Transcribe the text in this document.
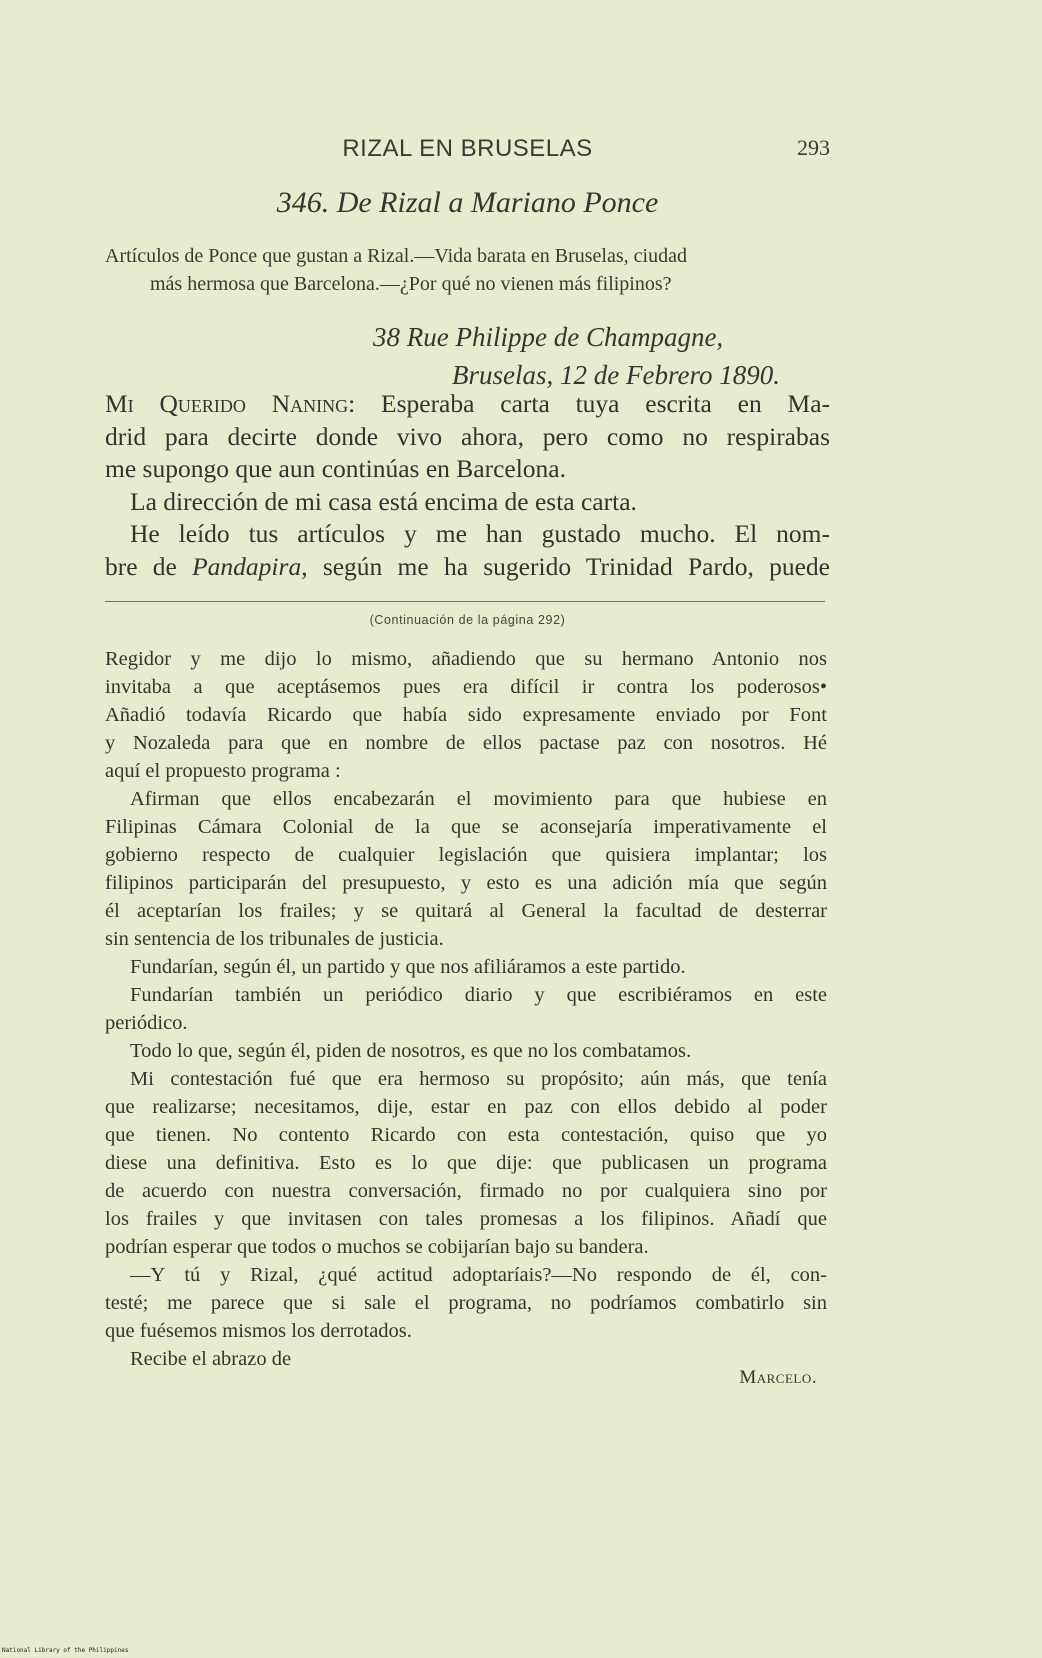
RIZAL EN BRUSELAS	293
346. De Rizal a Mariano Ponce
Artículos de Ponce que gustan a Rizal.—Vida barata en Bruselas, ciudad
más hermosa que Barcelona.—¿Por qué no vienen más filipinos?
38 Rue Philippe de Champagne,
Bruselas, 12 de Febrero 1890.
Mi Querido Naning: Esperaba carta tuya escrita en Ma-
drid para decirte donde vivo ahora, pero como no respirabas
me supongo que aun continúas en Barcelona.
La dirección de mi casa está encima de esta carta.
He leído tus artículos y me han gustado mucho. El nom-
bre de Pandapira, según me ha sugerido Trinidad Pardo, puede
(Continuación de la página 292)
Regidor y me dijo lo mismo, añadiendo que su hermano Antonio nos
invitaba a que aceptásemos pues era difícil ir contra los poderosos•
Añadió todavía Ricardo que había sido expresamente enviado por Font
y Nozaleda para que en nombre de ellos pactase paz con nosotros. Hé
aquí el propuesto programa :
Afirman que ellos encabezarán el movimiento para que hubiese en
Filipinas Cámara Colonial de la que se aconsejaría imperativamente el
gobierno respecto de cualquier legislación que quisiera implantar; los
filipinos participarán del presupuesto, y esto es una adición mía que según
él aceptarían los frailes; y se quitará al General la facultad de desterrar
sin sentencia de los tribunales de justicia.
Fundarían, según él, un partido y que nos afiliáramos a este partido.
Fundarían también un periódico diario y que escribiéramos en este
periódico.
Todo lo que, según él, piden de nosotros, es que no los combatamos.
Mi contestación fué que era hermoso su propósito; aún más, que tenía
que realizarse; necesitamos, dije, estar en paz con ellos debido al poder
que tienen. No contento Ricardo con esta contestación, quiso que yo
diese una definitiva. Esto es lo que dije: que publicasen un programa
de acuerdo con nuestra conversación, firmado no por cualquiera sino por
los frailes y que invitasen con tales promesas a los filipinos. Añadí que
podrían esperar que todos o muchos se cobijarían bajo su bandera.
—Y tú y Rizal, ¿qué actitud adoptaríais?—No respondo de él, con-
testé; me parece que si sale el programa, no podríamos combatirlo sin
que fuésemos mismos los derrotados.
Recibe el abrazo de
Marcelo.
National Library of the Philippines
